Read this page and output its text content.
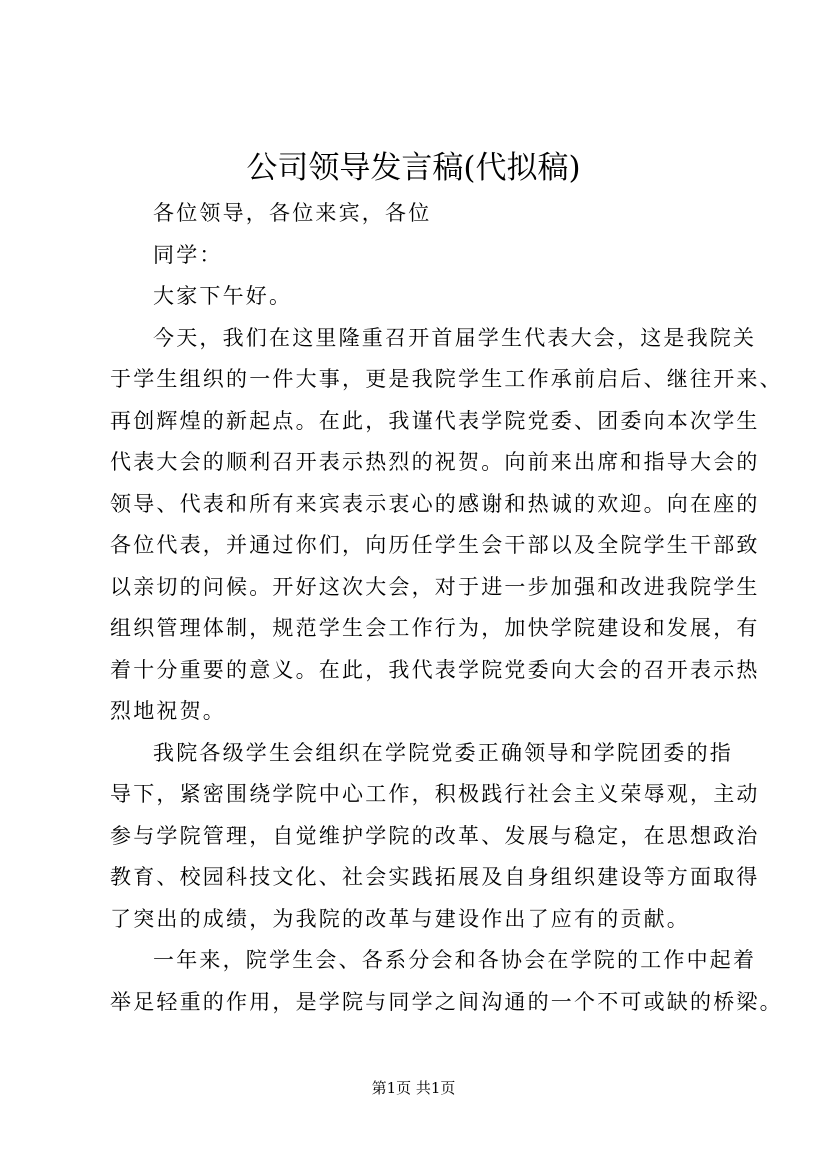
公司领导发言稿(代拟稿)

各位领导，各位来宾，各位

同学：

大家下午好。

今天，我们在这里隆重召开首届学生代表大会，这是我院关

于学生组织的一件大事，更是我院学生工作承前启后、继往开来、

再创辉煌的新起点。在此，我谨代表学院党委、团委向本次学生

代表大会的顺利召开表示热烈的祝贺。向前来出席和指导大会的

领导、代表和所有来宾表示衷心的感谢和热诚的欢迎。向在座的

各位代表，并通过你们，向历任学生会干部以及全院学生干部致

以亲切的问候。开好这次大会，对于进一步加强和改进我院学生

组织管理体制，规范学生会工作行为，加快学院建设和发展，有

着十分重要的意义。在此，我代表学院党委向大会的召开表示热

烈地祝贺。

我院各级学生会组织在学院党委正确领导和学院团委的指

导下，紧密围绕学院中心工作，积极践行社会主义荣辱观，主动

参与学院管理，自觉维护学院的改革、发展与稳定，在思想政治

教育、校园科技文化、社会实践拓展及自身组织建设等方面取得

了突出的成绩，为我院的改革与建设作出了应有的贡献。

一年来，院学生会、各系分会和各协会在学院的工作中起着

举足轻重的作用，是学院与同学之间沟通的一个不可或缺的桥梁。

第1页 共1页
